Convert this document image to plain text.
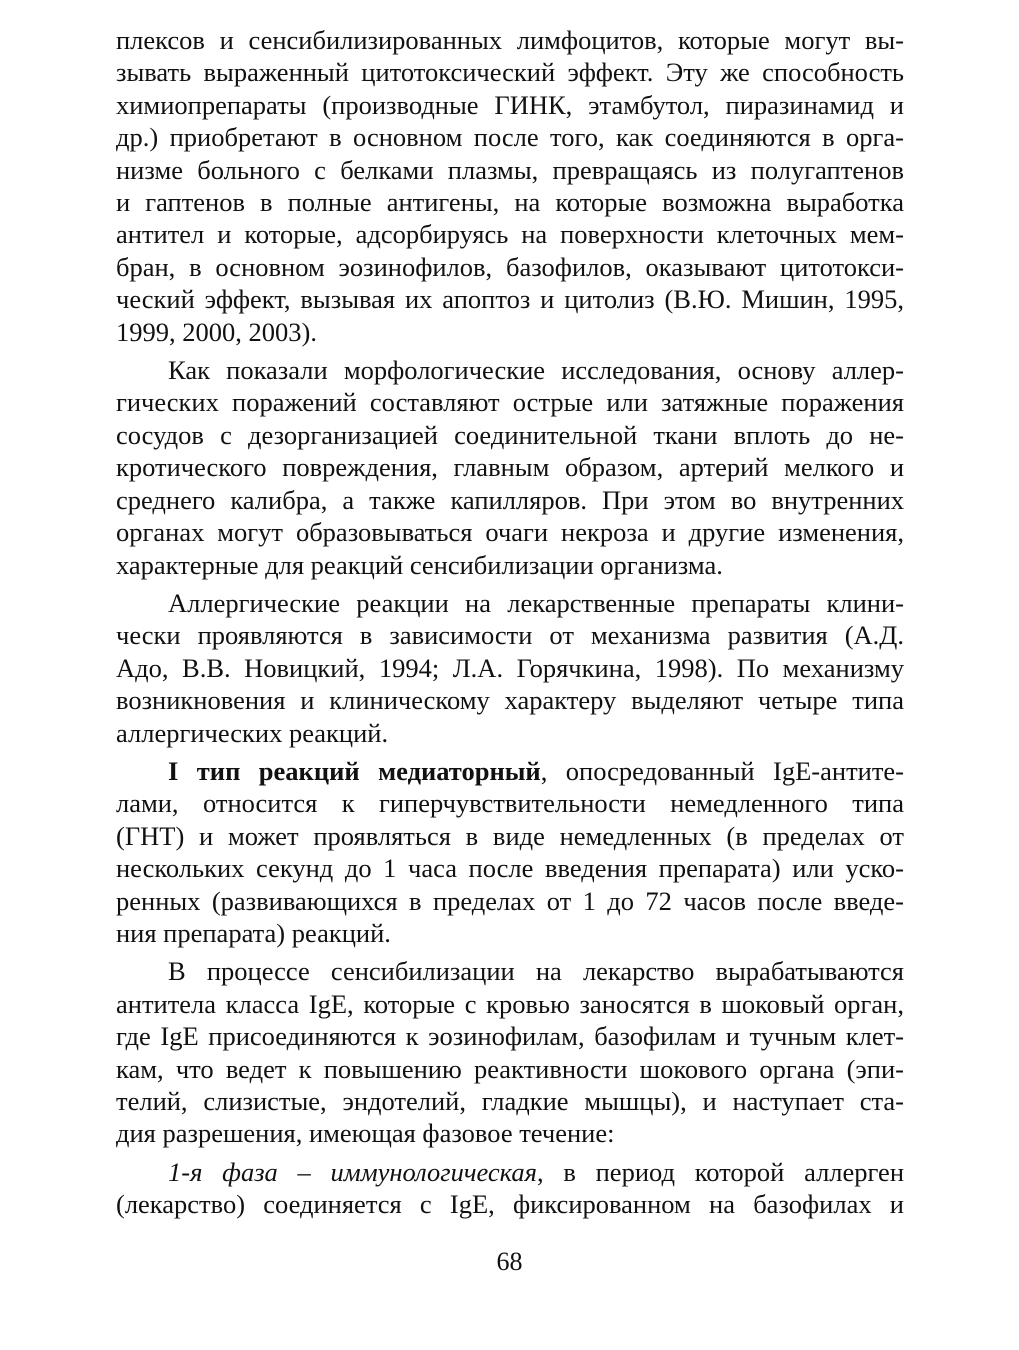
плексов и сенсибилизированных лимфоцитов, которые могут вы-
зывать выраженный цитотоксический эффект. Эту же способность
химиопрепараты (производные ГИНК, этамбутол, пиразинамид и
др.) приобретают в основном после того, как соединяются в орга-
низме больного с белками плазмы, превращаясь из полугаптенов
и гаптенов в полные антигены, на которые возможна выработка
антител и которые, адсорбируясь на поверхности клеточных мем-
бран, в основном эозинофилов, базофилов, оказывают цитотокси-
ческий эффект, вызывая их апоптоз и цитолиз (В.Ю. Мишин, 1995,
1999, 2000, 2003).
Как показали морфологические исследования, основу аллер-
гических поражений составляют острые или затяжные поражения
сосудов с дезорганизацией соединительной ткани вплоть до не-
кротического повреждения, главным образом, артерий мелкого и
среднего калибра, а также капилляров. При этом во внутренних
органах могут образовываться очаги некроза и другие изменения,
характерные для реакций сенсибилизации организма.
Аллергические реакции на лекарственные препараты клини-
чески проявляются в зависимости от механизма развития (А.Д.
Адо, В.В. Новицкий, 1994; Л.А. Горячкина, 1998). По механизму
возникновения и клиническому характеру выделяют четыре типа
аллергических реакций.
I тип реакций медиаторный, опосредованный IgE-антите-
лами, относится к гиперчувствительности немедленного типа
(ГНТ) и может проявляться в виде немедленных (в пределах от
нескольких секунд до 1 часа после введения препарата) или уско-
ренных (развивающихся в пределах от 1 до 72 часов после введе-
ния препарата) реакций.
В процессе сенсибилизации на лекарство вырабатываются
антитела класса IgE, которые с кровью заносятся в шоковый орган,
где IgE присоединяются к эозинофилам, базофилам и тучным клет-
кам, что ведет к повышению реактивности шокового органа (эпи-
телий, слизистые, эндотелий, гладкие мышцы), и наступает ста-
дия разрешения, имеющая фазовое течение:
1-я фаза – иммунологическая, в период которой аллерген
(лекарство) соединяется с IgE, фиксированном на базофилах и
68
